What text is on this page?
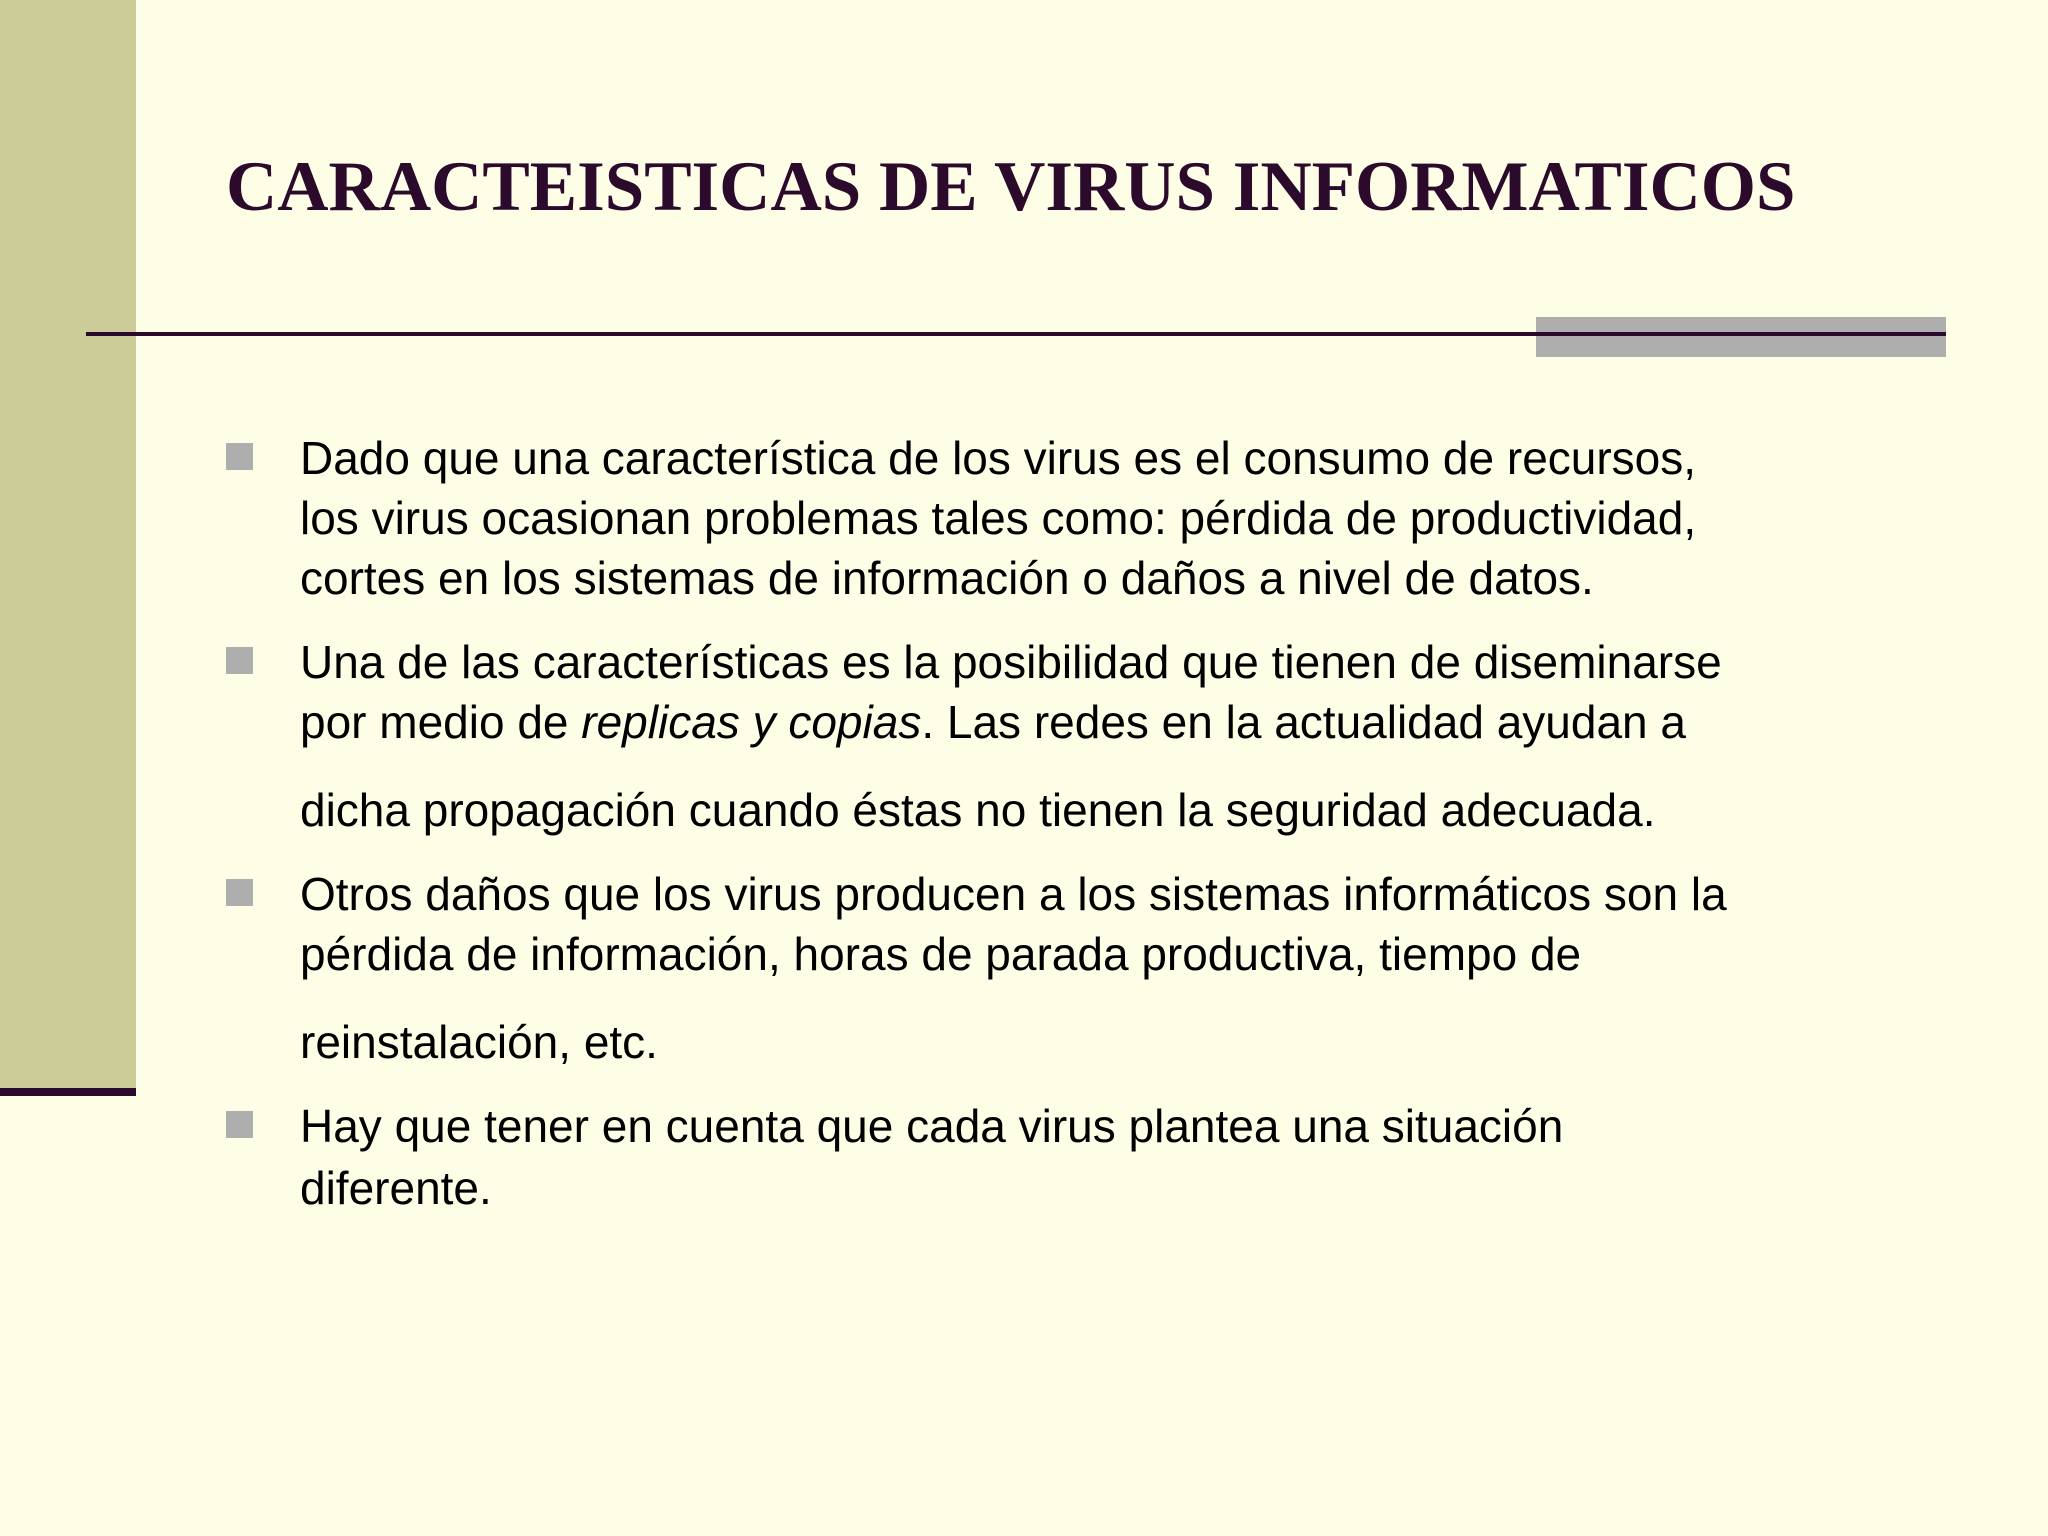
CARACTEISTICAS DE VIRUS INFORMATICOS
Dado que una característica de los virus es el consumo de recursos,
los virus ocasionan problemas tales como: pérdida de productividad,
cortes en los sistemas de información o daños a nivel de datos.
Una de las características es la posibilidad que tienen de diseminarse
por medio de replicas y copias. Las redes en la actualidad ayudan a
dicha propagación cuando éstas no tienen la seguridad adecuada.
Otros daños que los virus producen a los sistemas informáticos son la
pérdida de información, horas de parada productiva, tiempo de
reinstalación, etc.
Hay que tener en cuenta que cada virus plantea una situación
diferente.
